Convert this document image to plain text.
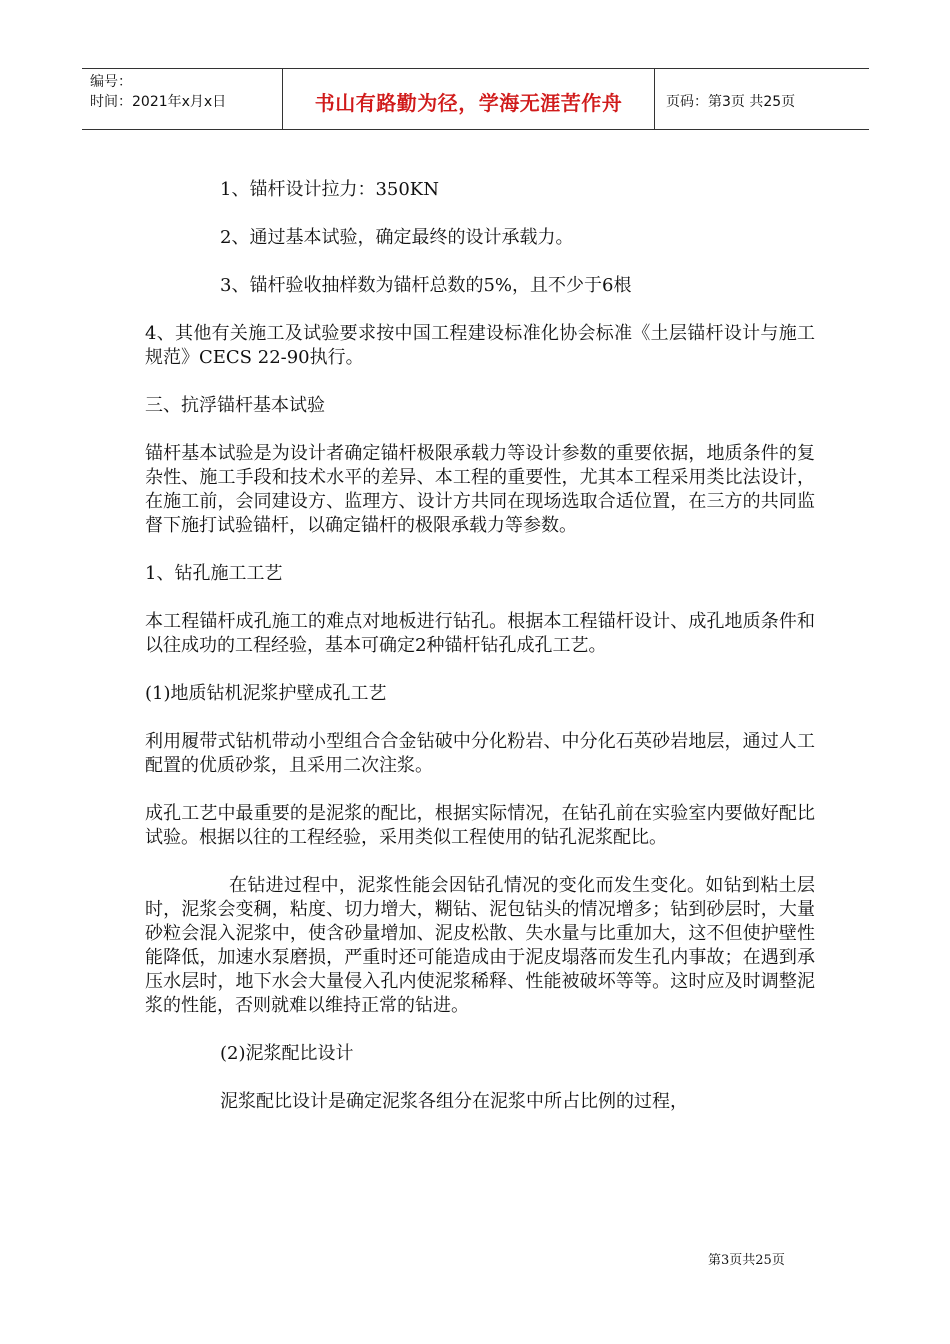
编号：
时间：2021年x月x日	书山有路勤为径，学海无涯苦作舟	页码：第3页 共25页

1、锚杆设计拉力：350KN

2、通过基本试验，确定最终的设计承载力。

3、锚杆验收抽样数为锚杆总数的5%，且不少于6根

4、其他有关施工及试验要求按中国工程建设标准化协会标准《土层锚杆设计与施工规范》CECS 22-90执行。

三、抗浮锚杆基本试验

锚杆基本试验是为设计者确定锚杆极限承载力等设计参数的重要依据，地质条件的复杂性、施工手段和技术水平的差异、本工程的重要性，尤其本工程采用类比法设计，在施工前，会同建设方、监理方、设计方共同在现场选取合适位置，在三方的共同监督下施打试验锚杆，以确定锚杆的极限承载力等参数。

1、钻孔施工工艺

本工程锚杆成孔施工的难点对地板进行钻孔。根据本工程锚杆设计、成孔地质条件和以往成功的工程经验，基本可确定2种锚杆钻孔成孔工艺。

(1)地质钻机泥浆护壁成孔工艺

利用履带式钻机带动小型组合合金钻破中分化粉岩、中分化石英砂岩地层，通过人工配置的优质砂浆，且采用二次注浆。

成孔工艺中最重要的是泥浆的配比，根据实际情况，在钻孔前在实验室内要做好配比试验。根据以往的工程经验，采用类似工程使用的钻孔泥浆配比。

在钻进过程中，泥浆性能会因钻孔情况的变化而发生变化。如钻到粘土层时，泥浆会变稠，粘度、切力增大，糊钻、泥包钻头的情况增多；钻到砂层时，大量砂粒会混入泥浆中，使含砂量增加、泥皮松散、失水量与比重加大，这不但使护壁性能降低，加速水泵磨损，严重时还可能造成由于泥皮塌落而发生孔内事故；在遇到承压水层时，地下水会大量侵入孔内使泥浆稀释、性能被破坏等等。这时应及时调整泥浆的性能，否则就难以维持正常的钻进。

(2)泥浆配比设计

泥浆配比设计是确定泥浆各组分在泥浆中所占比例的过程，

第3页共25页
